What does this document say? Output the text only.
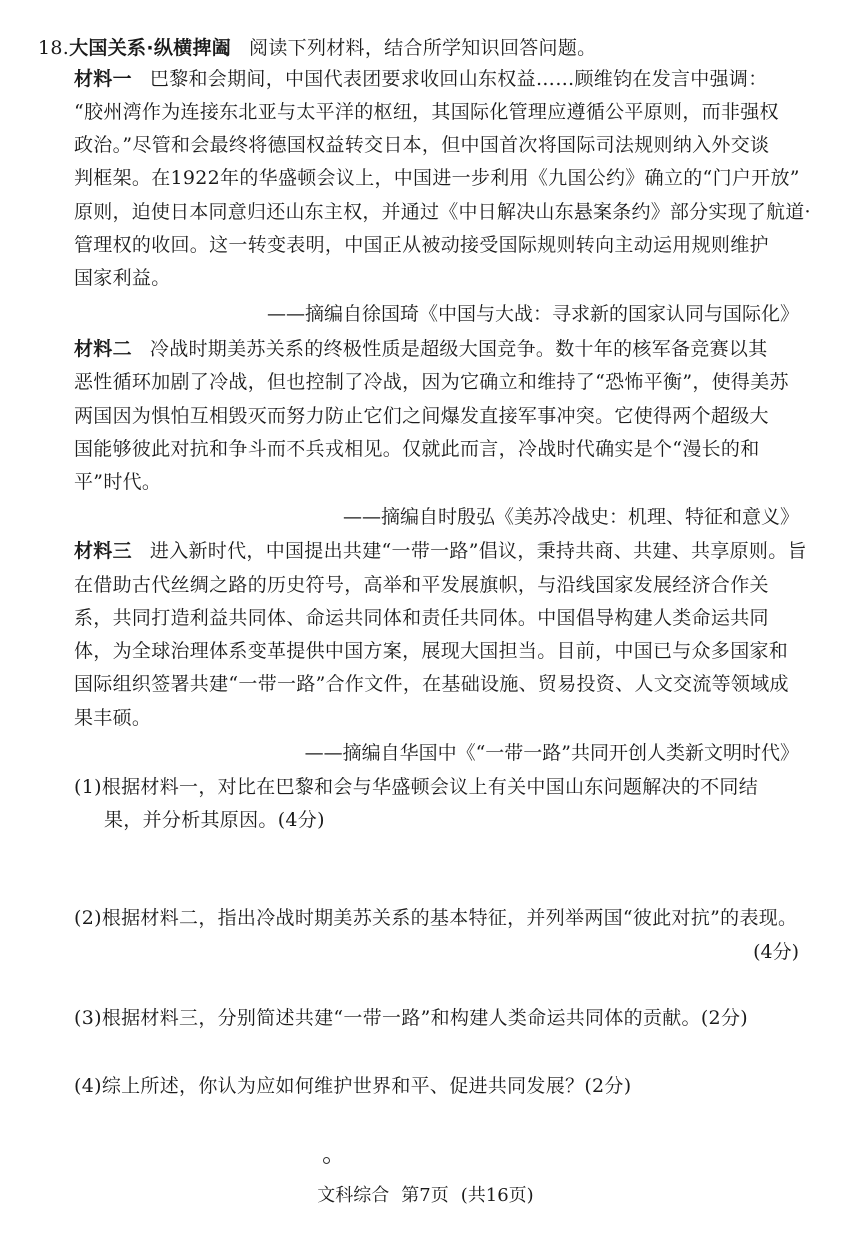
18.大国关系·纵横捭阖 阅读下列材料，结合所学知识回答问题。
材料一 巴黎和会期间，中国代表团要求收回山东权益……顾维钧在发言中强调：
“胶州湾作为连接东北亚与太平洋的枢纽，其国际化管理应遵循公平原则，而非强权
政治。”尽管和会最终将德国权益转交日本，但中国首次将国际司法规则纳入外交谈
判框架。在1922年的华盛顿会议上，中国进一步利用《九国公约》确立的“门户开放”
原则，迫使日本同意归还山东主权，并通过《中日解决山东悬案条约》部分实现了航道·
管理权的收回。这一转变表明，中国正从被动接受国际规则转向主动运用规则维护
国家利益。
——摘编自徐国琦《中国与大战：寻求新的国家认同与国际化》
材料二 冷战时期美苏关系的终极性质是超级大国竞争。数十年的核军备竞赛以其
恶性循环加剧了冷战，但也控制了冷战，因为它确立和维持了“恐怖平衡”，使得美苏
两国因为惧怕互相毁灭而努力防止它们之间爆发直接军事冲突。它使得两个超级大
国能够彼此对抗和争斗而不兵戎相见。仅就此而言，冷战时代确实是个“漫长的和
平”时代。
——摘编自时殷弘《美苏冷战史：机理、特征和意义》
材料三 进入新时代，中国提出共建“一带一路”倡议，秉持共商、共建、共享原则。旨
在借助古代丝绸之路的历史符号，高举和平发展旗帜，与沿线国家发展经济合作关
系，共同打造利益共同体、命运共同体和责任共同体。中国倡导构建人类命运共同
体，为全球治理体系变革提供中国方案，展现大国担当。目前，中国已与众多国家和
国际组织签署共建“一带一路”合作文件，在基础设施、贸易投资、人文交流等领域成
果丰硕。
——摘编自华国中《“一带一路”共同开创人类新文明时代》
(1)根据材料一，对比在巴黎和会与华盛顿会议上有关中国山东问题解决的不同结
果，并分析其原因。(4分)
(2)根据材料二，指出冷战时期美苏关系的基本特征，并列举两国“彼此对抗”的表现。
(4分)
(3)根据材料三，分别简述共建“一带一路”和构建人类命运共同体的贡献。(2分)
(4)综上所述，你认为应如何维护世界和平、促进共同发展？(2分)
文科综合 第7页 (共16页)
